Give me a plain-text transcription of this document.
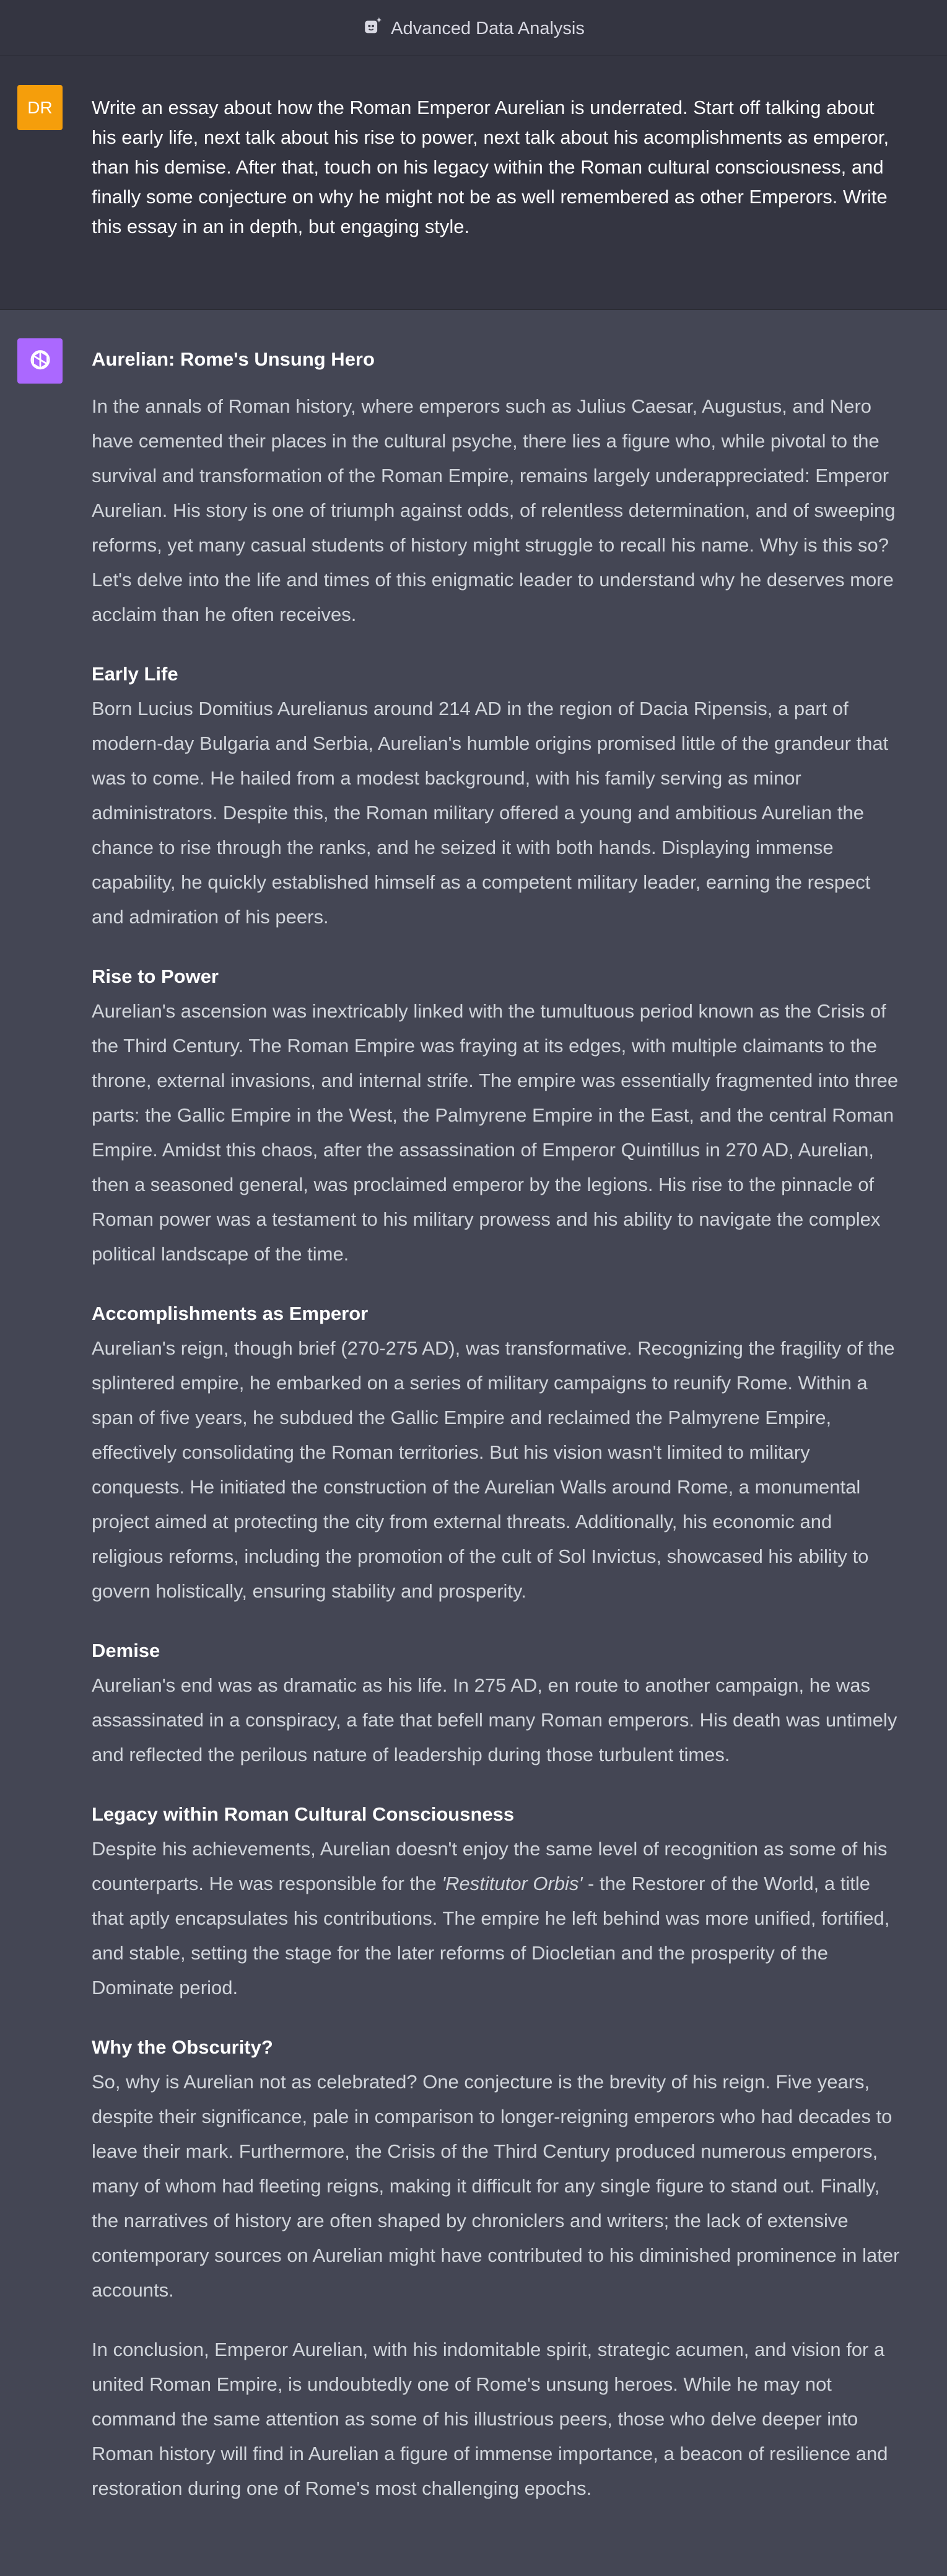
Advanced Data Analysis
DR	Write an essay about how the Roman Emperor Aurelian is underrated. Start off talking about his early life, next talk about his rise to power, next talk about his acomplishments as emperor, than his demise. After that, touch on his legacy within the Roman cultural consciousness, and finally some conjecture on why he might not be as well remembered as other Emperors. Write this essay in an in depth, but engaging style.

Aurelian: Rome's Unsung Hero

In the annals of Roman history, where emperors such as Julius Caesar, Augustus, and Nero have cemented their places in the cultural psyche, there lies a figure who, while pivotal to the survival and transformation of the Roman Empire, remains largely underappreciated: Emperor Aurelian. His story is one of triumph against odds, of relentless determination, and of sweeping reforms, yet many casual students of history might struggle to recall his name. Why is this so? Let's delve into the life and times of this enigmatic leader to understand why he deserves more acclaim than he often receives.

Early Life
Born Lucius Domitius Aurelianus around 214 AD in the region of Dacia Ripensis, a part of modern-day Bulgaria and Serbia, Aurelian's humble origins promised little of the grandeur that was to come. He hailed from a modest background, with his family serving as minor administrators. Despite this, the Roman military offered a young and ambitious Aurelian the chance to rise through the ranks, and he seized it with both hands. Displaying immense capability, he quickly established himself as a competent military leader, earning the respect and admiration of his peers.

Rise to Power
Aurelian's ascension was inextricably linked with the tumultuous period known as the Crisis of the Third Century. The Roman Empire was fraying at its edges, with multiple claimants to the throne, external invasions, and internal strife. The empire was essentially fragmented into three parts: the Gallic Empire in the West, the Palmyrene Empire in the East, and the central Roman Empire. Amidst this chaos, after the assassination of Emperor Quintillus in 270 AD, Aurelian, then a seasoned general, was proclaimed emperor by the legions. His rise to the pinnacle of Roman power was a testament to his military prowess and his ability to navigate the complex political landscape of the time.

Accomplishments as Emperor
Aurelian's reign, though brief (270-275 AD), was transformative. Recognizing the fragility of the splintered empire, he embarked on a series of military campaigns to reunify Rome. Within a span of five years, he subdued the Gallic Empire and reclaimed the Palmyrene Empire, effectively consolidating the Roman territories. But his vision wasn't limited to military conquests. He initiated the construction of the Aurelian Walls around Rome, a monumental project aimed at protecting the city from external threats. Additionally, his economic and religious reforms, including the promotion of the cult of Sol Invictus, showcased his ability to govern holistically, ensuring stability and prosperity.

Demise
Aurelian's end was as dramatic as his life. In 275 AD, en route to another campaign, he was assassinated in a conspiracy, a fate that befell many Roman emperors. His death was untimely and reflected the perilous nature of leadership during those turbulent times.

Legacy within Roman Cultural Consciousness
Despite his achievements, Aurelian doesn't enjoy the same level of recognition as some of his counterparts. He was responsible for the 'Restitutor Orbis' - the Restorer of the World, a title that aptly encapsulates his contributions. The empire he left behind was more unified, fortified, and stable, setting the stage for the later reforms of Diocletian and the prosperity of the Dominate period.

Why the Obscurity?
So, why is Aurelian not as celebrated? One conjecture is the brevity of his reign. Five years, despite their significance, pale in comparison to longer-reigning emperors who had decades to leave their mark. Furthermore, the Crisis of the Third Century produced numerous emperors, many of whom had fleeting reigns, making it difficult for any single figure to stand out. Finally, the narratives of history are often shaped by chroniclers and writers; the lack of extensive contemporary sources on Aurelian might have contributed to his diminished prominence in later accounts.

In conclusion, Emperor Aurelian, with his indomitable spirit, strategic acumen, and vision for a united Roman Empire, is undoubtedly one of Rome's unsung heroes. While he may not command the same attention as some of his illustrious peers, those who delve deeper into Roman history will find in Aurelian a figure of immense importance, a beacon of resilience and restoration during one of Rome's most challenging epochs.
